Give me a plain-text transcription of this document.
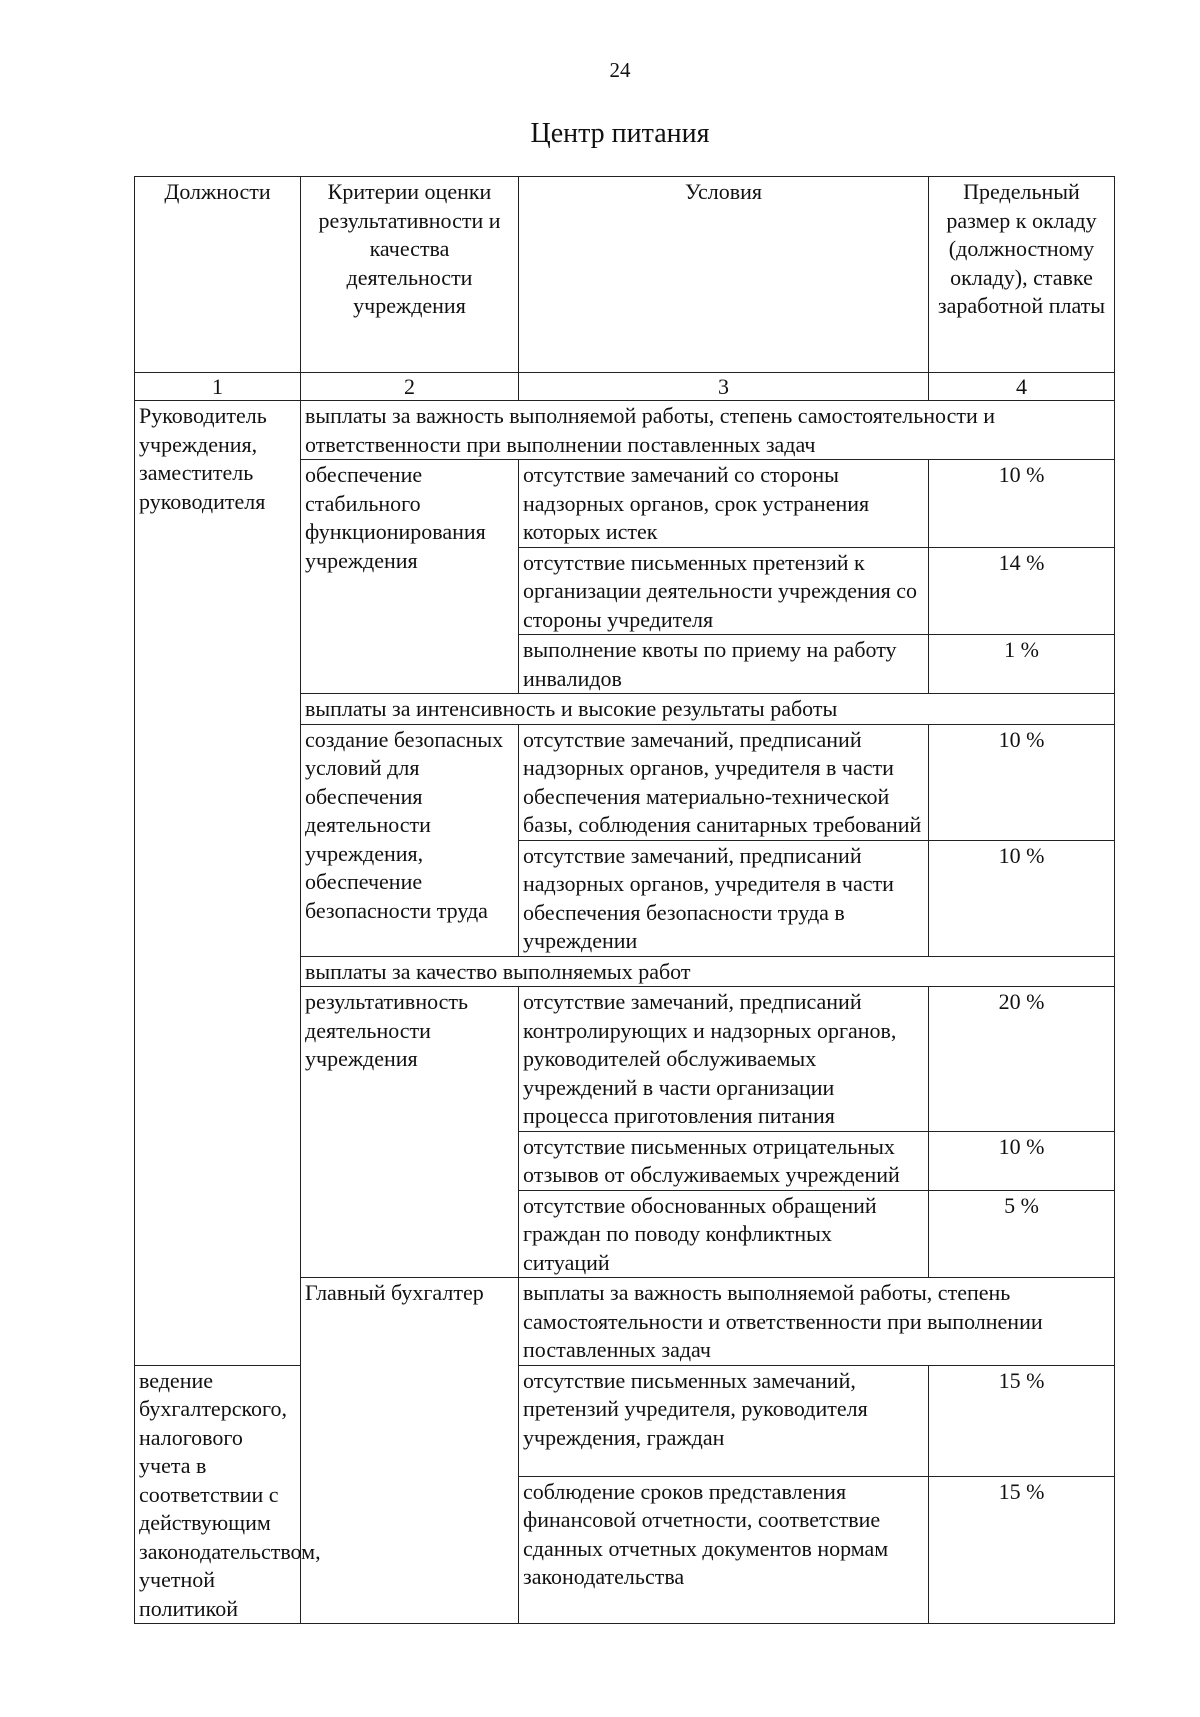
24
Центр питания
Должности	Критерии оценки результативности и качества деятельности учреждения	Условия	Предельный размер к окладу (должностному окладу), ставке заработной платы
1	2	3	4
Руководитель учреждения, заместитель руководителя	выплаты за важность выполняемой работы, степень самостоятельности и ответственности при выполнении поставленных задач		
	обеспечение стабильного функционирования учреждения	отсутствие замечаний со стороны надзорных органов, срок устранения которых истек	10 %
		отсутствие письменных претензий к организации деятельности учреждения со стороны учредителя	14 %
		выполнение квоты по приему на работу инвалидов	1 %
	выплаты за интенсивность и высокие результаты работы		
	создание безопасных условий для обеспечения деятельности учреждения, обеспечение безопасности труда	отсутствие замечаний, предписаний надзорных органов, учредителя в части обеспечения материально-технической базы, соблюдения санитарных требований	10 %
		отсутствие замечаний, предписаний надзорных органов, учредителя в части обеспечения безопасности труда в учреждении	10 %
	выплаты за качество выполняемых работ		
	результативность деятельности учреждения	отсутствие замечаний, предписаний контролирующих и надзорных органов, руководителей обслуживаемых учреждений в части организации процесса приготовления питания	20 %
		отсутствие письменных отрицательных отзывов от обслуживаемых учреждений	10 %
		отсутствие обоснованных обращений граждан по поводу конфликтных ситуаций	5 %
	Главный бухгалтер	выплаты за важность выполняемой работы, степень самостоятельности и ответственности при выполнении поставленных задач	
ведение бухгалтерского, налогового учета в соответствии с действующим законодательством, учетной политикой		отсутствие письменных замечаний, претензий учредителя, руководителя учреждения, граждан	15 %
		соблюдение сроков представления финансовой отчетности, соответствие сданных отчетных документов нормам законодательства	15 %
